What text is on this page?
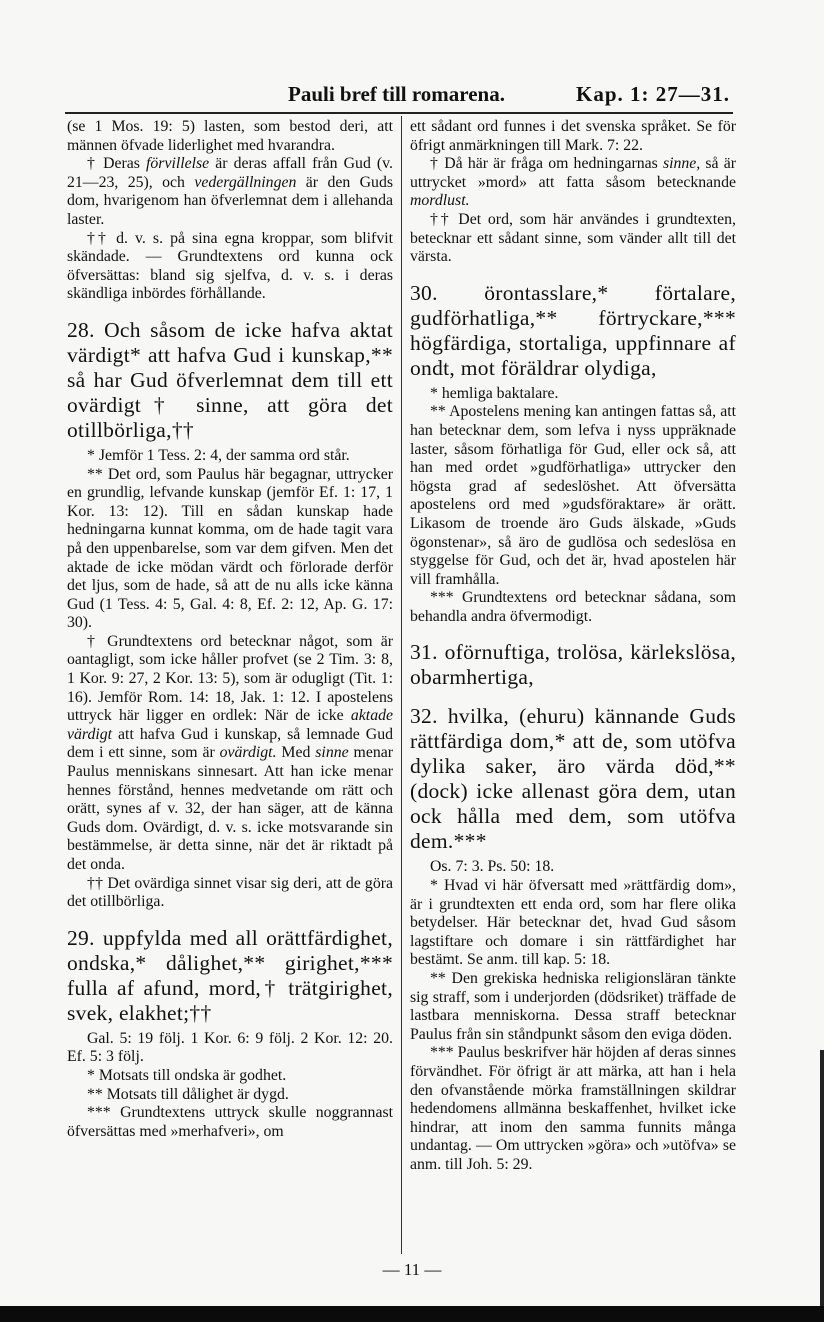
Pauli bref till romarena.	Kap. 1: 27—31.

(se 1 Mos. 19: 5) lasten, som bestod deri, att männen öfvade liderlighet med hvarandra.

† Deras förvillelse är deras affall från Gud (v. 21—23, 25), och vedergällningen är den Guds dom, hvarigenom han öfverlemnat dem i allehanda laster.

†† d. v. s. på sina egna kroppar, som blifvit skändade. — Grundtextens ord kunna ock öfversättas: bland sig sjelfva, d. v. s. i deras skändliga inbördes förhållande.

28. Och såsom de icke hafva aktat värdigt* att hafva Gud i kunskap,** så har Gud öfverlemnat dem till ett ovärdigt† sinne, att göra det otillbörliga,††

* Jemför 1 Tess. 2: 4, der samma ord står.

** Det ord, som Paulus här begagnar, uttrycker en grundlig, lefvande kunskap (jemför Ef. 1: 17, 1 Kor. 13: 12). Till en sådan kunskap hade hedningarna kunnat komma, om de hade tagit vara på den uppenbarelse, som var dem gifven. Men det aktade de icke mödan värdt och förlorade derför det ljus, som de hade, så att de nu alls icke känna Gud (1 Tess. 4: 5, Gal. 4: 8, Ef. 2: 12, Ap. G. 17: 30).

† Grundtextens ord betecknar något, som är oantagligt, som icke håller profvet (se 2 Tim. 3: 8, 1 Kor. 9: 27, 2 Kor. 13: 5), som är odugligt (Tit. 1: 16). Jemför Rom. 14: 18, Jak. 1: 12. I apostelens uttryck här ligger en ordlek: När de icke aktade värdigt att hafva Gud i kunskap, så lemnade Gud dem i ett sinne, som är ovärdigt. Med sinne menar Paulus menniskans sinnesart. Att han icke menar hennes förstånd, hennes medvetande om rätt och orätt, synes af v. 32, der han säger, att de känna Guds dom. Ovärdigt, d. v. s. icke motsvarande sin bestämmelse, är detta sinne, när det är riktadt på det onda.

†† Det ovärdiga sinnet visar sig deri, att de göra det otillbörliga.

29. uppfylda med all orättfärdighet, ondska,* dålighet,** girighet,*** fulla af afund, mord,† trätgirighet, svek, elakhet;††

Gal. 5: 19 följ. 1 Kor. 6: 9 följ. 2 Kor. 12: 20. Ef. 5: 3 följ.

* Motsats till ondska är godhet.

** Motsats till dålighet är dygd.

*** Grundtextens uttryck skulle noggrannast öfversättas med »merhafveri», om

ett sådant ord funnes i det svenska språket. Se för öfrigt anmärkningen till Mark. 7: 22.

† Då här är fråga om hedningarnas sinne, så är uttrycket »mord» att fatta såsom betecknande mordlust.

†† Det ord, som här användes i grundtexten, betecknar ett sådant sinne, som vänder allt till det värsta.

30. örontasslare,* förtalare, gudförhatliga,** förtryckare,*** högfärdiga, stortaliga, uppfinnare af ondt, mot föräldrar olydiga,

* hemliga baktalare.

** Apostelens mening kan antingen fattas så, att han betecknar dem, som lefva i nyss uppräknade laster, såsom förhatliga för Gud, eller ock så, att han med ordet »gudförhatliga» uttrycker den högsta grad af sedeslöshet. Att öfversätta apostelens ord med »gudsföraktare» är orätt. Likasom de troende äro Guds älskade, »Guds ögonstenar», så äro de gudlösa och sedeslösa en styggelse för Gud, och det är, hvad apostelen här vill framhålla.

*** Grundtextens ord betecknar sådana, som behandla andra öfvermodigt.

31. oförnuftiga, trolösa, kärlekslösa, obarmhertiga,

32. hvilka, (ehuru) kännande Guds rättfärdiga dom,* att de, som utöfva dylika saker, äro värda död,** (dock) icke allenast göra dem, utan ock hålla med dem, som utöfva dem.***

Os. 7: 3. Ps. 50: 18.

* Hvad vi här öfversatt med »rättfärdig dom», är i grundtexten ett enda ord, som har flere olika betydelser. Här betecknar det, hvad Gud såsom lagstiftare och domare i sin rättfärdighet har bestämt. Se anm. till kap. 5: 18.

** Den grekiska hedniska religionsläran tänkte sig straff, som i underjorden (dödsriket) träffade de lastbara menniskorna. Dessa straff betecknar Paulus från sin ståndpunkt såsom den eviga döden.

*** Paulus beskrifver här höjden af deras sinnes förvändhet. För öfrigt är att märka, att han i hela den ofvanstående mörka framställningen skildrar hedendomens allmänna beskaffenhet, hvilket icke hindrar, att inom den samma funnits många undantag. — Om uttrycken »göra» och »utöfva» se anm. till Joh. 5: 29.

— 11 —
